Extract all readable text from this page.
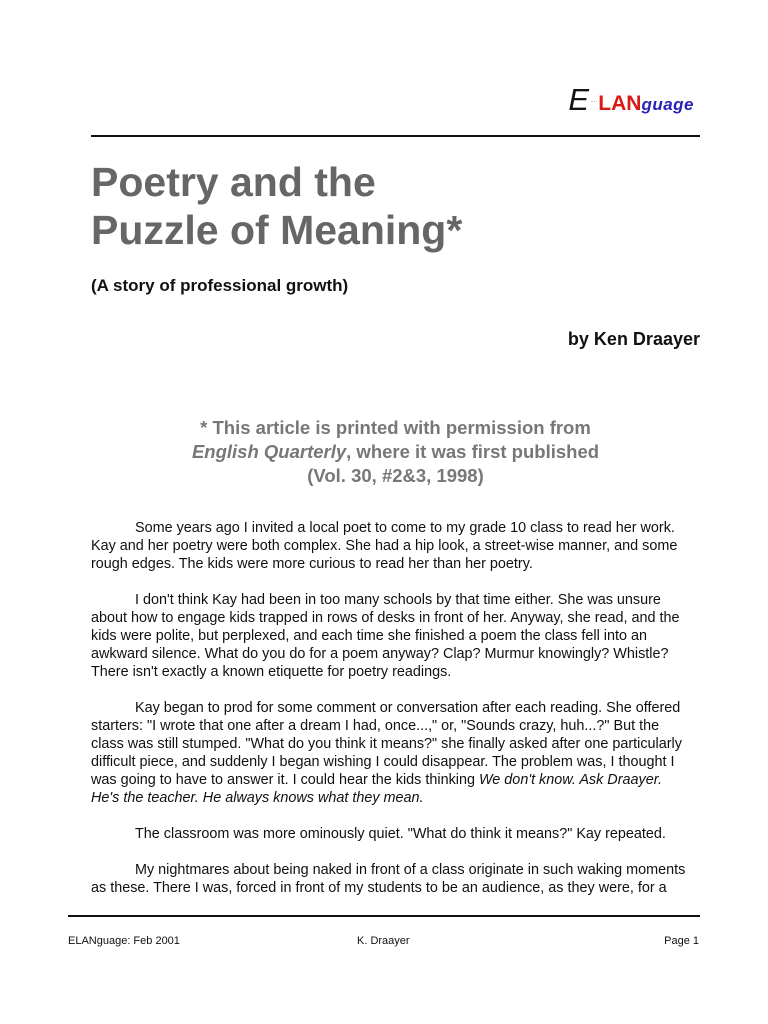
E····LANguage
Poetry and the
Puzzle of Meaning*

(A story of professional growth)

by Ken Draayer

* This article is printed with permission from
English Quarterly, where it was first published
(Vol. 30, #2&3, 1998)

Some years ago I invited a local poet to come to my grade 10 class to read her work.
Kay and her poetry were both complex. She had a hip look, a street-wise manner, and some
rough edges. The kids were more curious to read her than her poetry.

I don't think Kay had been in too many schools by that time either. She was unsure
about how to engage kids trapped in rows of desks in front of her. Anyway, she read, and the
kids were polite, but perplexed, and each time she finished a poem the class fell into an
awkward silence. What do you do for a poem anyway? Clap? Murmur knowingly? Whistle?
There isn't exactly a known etiquette for poetry readings.

Kay began to prod for some comment or conversation after each reading. She offered
starters: "I wrote that one after a dream I had, once...," or, "Sounds crazy, huh...?" But the
class was still stumped. "What do you think it means?" she finally asked after one particularly
difficult piece, and suddenly I began wishing I could disappear. The problem was, I thought I
was going to have to answer it. I could hear the kids thinking We don't know. Ask Draayer.
He's the teacher. He always knows what they mean.

The classroom was more ominously quiet. "What do think it means?" Kay repeated.

My nightmares about being naked in front of a class originate in such waking moments
as these. There I was, forced in front of my students to be an audience, as they were, for a

ELANguage: Feb 2001	K. Draayer	Page 1
